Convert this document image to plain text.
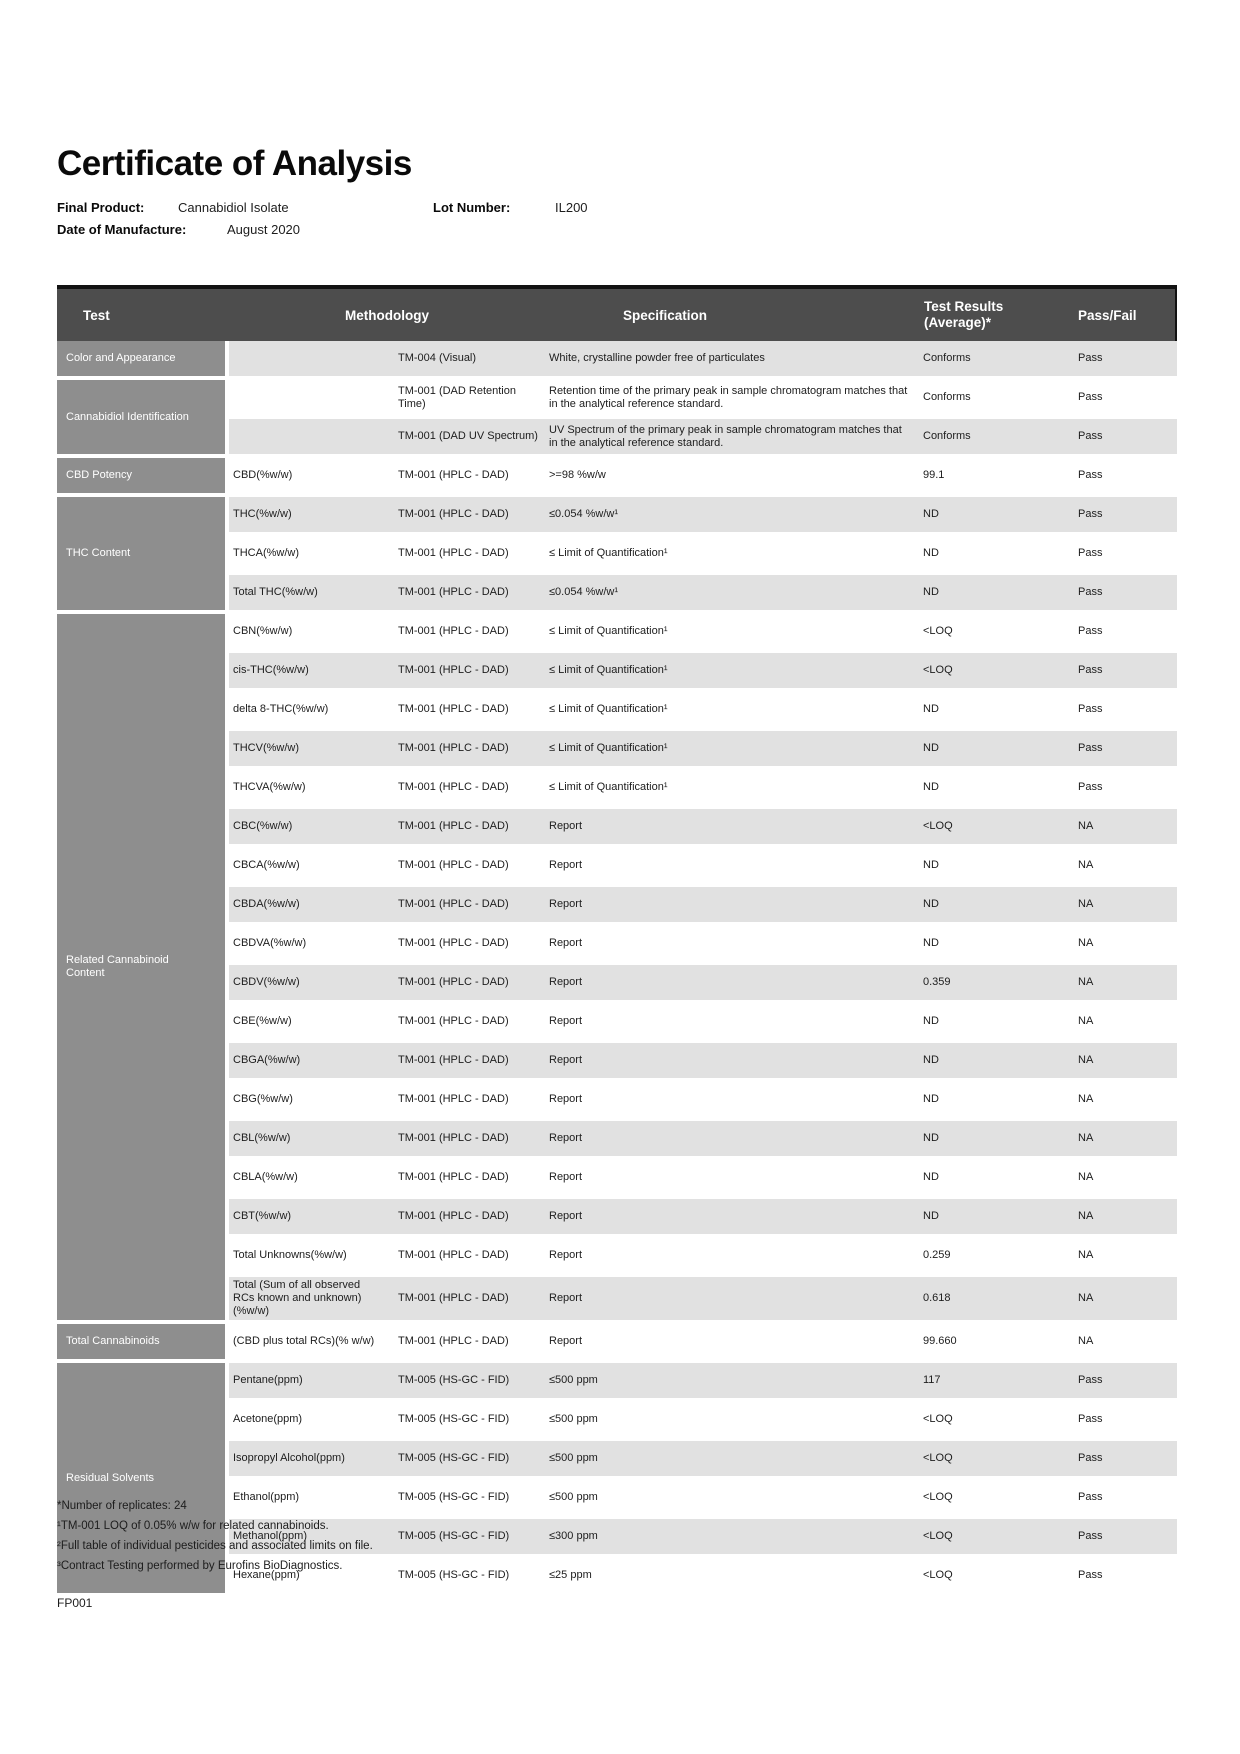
Certificate of Analysis
Final Product:	Cannabidiol Isolate	Lot Number:	IL200
Date of Manufacture:	August 2020
Test	Methodology		Specification	Test Results (Average)*	Pass/Fail
Color and Appearance		TM-004 (Visual)	White, crystalline powder free of particulates	Conforms	Pass
Cannabidiol Identification		TM-001 (DAD Retention Time)	Retention time of the primary peak in sample chromatogram matches that in the analytical reference standard.	Conforms	Pass
		TM-001 (DAD UV Spectrum)	UV Spectrum of the primary peak in sample chromatogram matches that in the analytical reference standard.	Conforms	Pass
CBD Potency	CBD(%w/w)	TM-001 (HPLC - DAD)	>=98 %w/w	99.1	Pass
THC Content	THC(%w/w)	TM-001 (HPLC - DAD)	≤0.054 %w/w¹	ND	Pass
	THCA(%w/w)	TM-001 (HPLC - DAD)	≤ Limit of Quantification¹	ND	Pass
	Total THC(%w/w)	TM-001 (HPLC - DAD)	≤0.054 %w/w¹	ND	Pass
Related Cannabinoid Content	CBN(%w/w)	TM-001 (HPLC - DAD)	≤ Limit of Quantification¹	<LOQ	Pass
	cis-THC(%w/w)	TM-001 (HPLC - DAD)	≤ Limit of Quantification¹	<LOQ	Pass
	delta 8-THC(%w/w)	TM-001 (HPLC - DAD)	≤ Limit of Quantification¹	ND	Pass
	THCV(%w/w)	TM-001 (HPLC - DAD)	≤ Limit of Quantification¹	ND	Pass
	THCVA(%w/w)	TM-001 (HPLC - DAD)	≤ Limit of Quantification¹	ND	Pass
	CBC(%w/w)	TM-001 (HPLC - DAD)	Report	<LOQ	NA
	CBCA(%w/w)	TM-001 (HPLC - DAD)	Report	ND	NA
	CBDA(%w/w)	TM-001 (HPLC - DAD)	Report	ND	NA
	CBDVA(%w/w)	TM-001 (HPLC - DAD)	Report	ND	NA
	CBDV(%w/w)	TM-001 (HPLC - DAD)	Report	0.359	NA
	CBE(%w/w)	TM-001 (HPLC - DAD)	Report	ND	NA
	CBGA(%w/w)	TM-001 (HPLC - DAD)	Report	ND	NA
	CBG(%w/w)	TM-001 (HPLC - DAD)	Report	ND	NA
	CBL(%w/w)	TM-001 (HPLC - DAD)	Report	ND	NA
	CBLA(%w/w)	TM-001 (HPLC - DAD)	Report	ND	NA
	CBT(%w/w)	TM-001 (HPLC - DAD)	Report	ND	NA
	Total Unknowns(%w/w)	TM-001 (HPLC - DAD)	Report	0.259	NA
	Total (Sum of all observed RCs known and unknown) (%w/w)	TM-001 (HPLC - DAD)	Report	0.618	NA
Total Cannabinoids	(CBD plus total RCs)(% w/w)	TM-001 (HPLC - DAD)	Report	99.660	NA
Residual Solvents	Pentane(ppm)	TM-005 (HS-GC - FID)	≤500 ppm	117	Pass
	Acetone(ppm)	TM-005 (HS-GC - FID)	≤500 ppm	<LOQ	Pass
	Isopropyl Alcohol(ppm)	TM-005 (HS-GC - FID)	≤500 ppm	<LOQ	Pass
	Ethanol(ppm)	TM-005 (HS-GC - FID)	≤500 ppm	<LOQ	Pass
	Methanol(ppm)	TM-005 (HS-GC - FID)	≤300 ppm	<LOQ	Pass
	Hexane(ppm)	TM-005 (HS-GC - FID)	≤25 ppm	<LOQ	Pass

*Number of replicates: 24

¹TM-001 LOQ of 0.05% w/w for related cannabinoids.

²Full table of individual pesticides and associated limits on file.

³Contract Testing performed by Eurofins BioDiagnostics.

FP001
